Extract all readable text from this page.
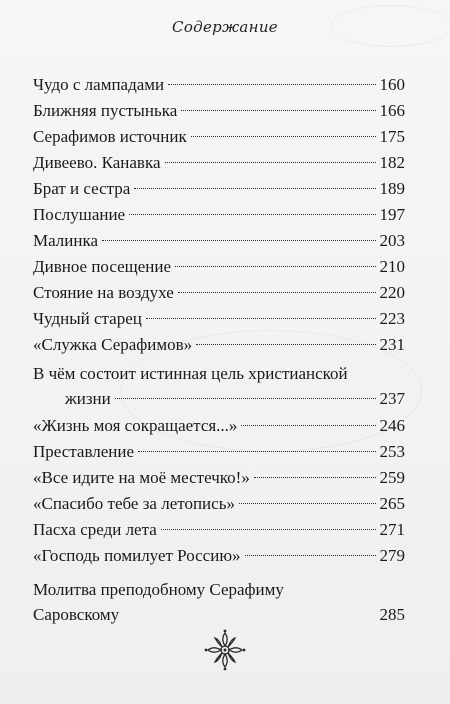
Содержание
Чудо с лампадами	160
Ближняя пустынька	166
Серафимов источник	175
Дивеево. Канавка	182
Брат и сестра	189
Послушание	197
Малинка	203
Дивное посещение	210
Стояние на воздухе	220
Чудный старец	223
«Служка Серафимов»	231
В чём состоит истинная цель христианской
жизни	237
«Жизнь моя сокращается...»	246
Преставление	253
«Все идите на моё местечко!»	259
«Спасибо тебе за летопись»	265
Пасха среди лета	271
«Господь помилует Россию»	279
Молитва преподобному Серафиму
Саровскому	285
